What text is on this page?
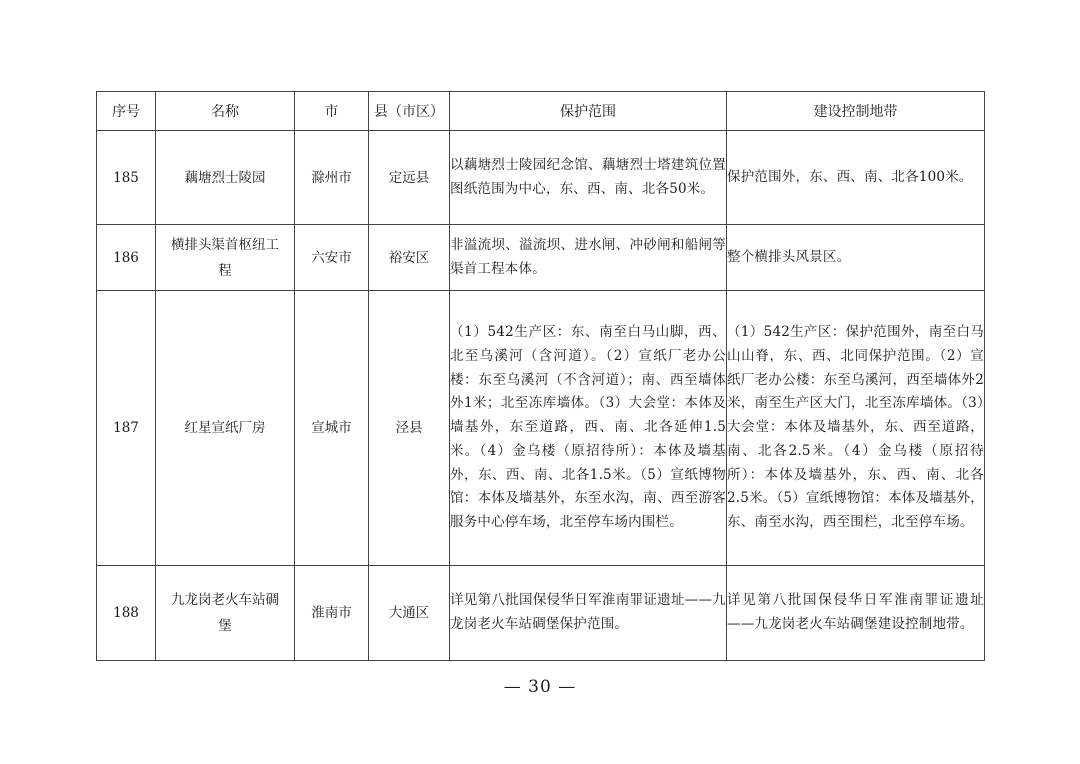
序号	名称	市	县（市区）	保护范围	建设控制地带
185	藕塘烈士陵园	滁州市	定远县	以藕塘烈士陵园纪念馆、藕塘烈士塔建筑位置图纸范围为中心，东、西、南、北各50米。	保护范围外，东、西、南、北各100米。
186	横排头渠首枢纽工程	六安市	裕安区	非溢流坝、溢流坝、进水闸、冲砂闸和船闸等渠首工程本体。	整个横排头风景区。
187	红星宣纸厂房	宣城市	泾县	（1）542生产区：东、南至白马山脚，西、北至乌溪河（含河道）。（2）宣纸厂老办公楼：东至乌溪河（不含河道）；南、西至墙体外1米；北至冻库墙体。（3）大会堂：本体及墙基外，东至道路，西、南、北各延伸1.5米。（4）金乌楼（原招待所）：本体及墙基外，东、西、南、北各1.5米。（5）宣纸博物馆：本体及墙基外，东至水沟，南、西至游客服务中心停车场，北至停车场内围栏。	（1）542生产区：保护范围外，南至白马山山脊，东、西、北同保护范围。（2）宣纸厂老办公楼：东至乌溪河，西至墙体外2米，南至生产区大门，北至冻库墙体。（3）大会堂：本体及墙基外，东、西至道路，南、北各2.5米。（4）金乌楼（原招待所）：本体及墙基外，东、西、南、北各2.5米。（5）宣纸博物馆：本体及墙基外，东、南至水沟，西至围栏，北至停车场。
188	九龙岗老火车站碉堡	淮南市	大通区	详见第八批国保侵华日军淮南罪证遗址——九龙岗老火车站碉堡保护范围。	详见第八批国保侵华日军淮南罪证遗址——九龙岗老火车站碉堡建设控制地带。
— 30 —
